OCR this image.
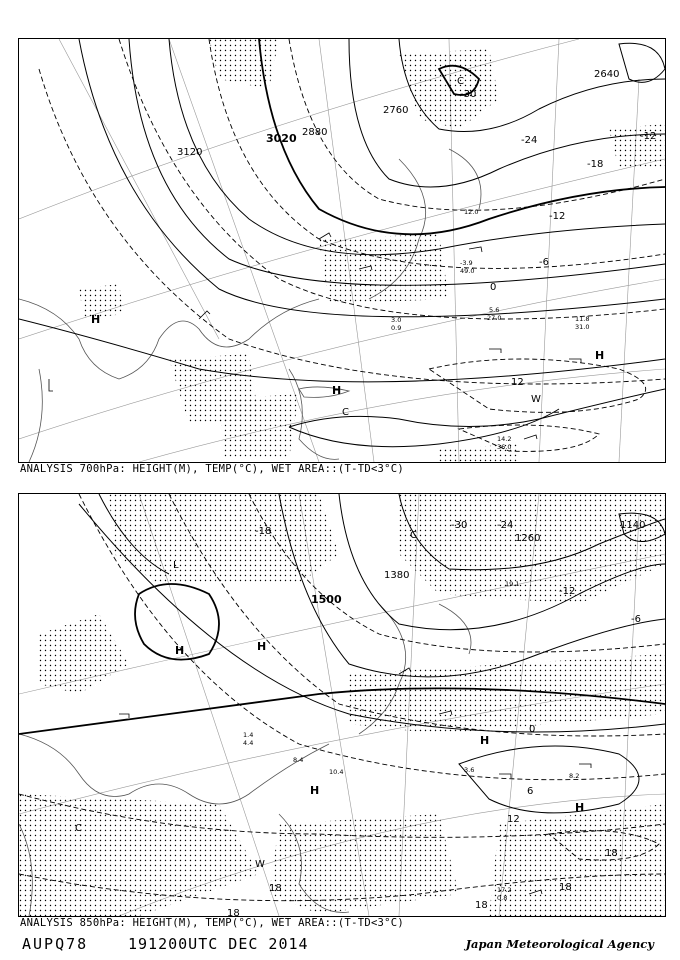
3120
3020 2880
2760
2640
-30
-24
-18
-12
-6
0
12
-12
H
H
H
W
C
C
12.0
27.0
5.6
11.8
31.0
14.2
36.0
3.0
0.9
-3.9
49.0
ANALYSIS 700hPa: HEIGHT(M), TEMP(°C), WET AREA::(T-TD<3°C)
1500
1380
1260
1140
-30	-24
-18
-12
-6
0
6
12
18
18
18
18
18
H	H
H
H
H
L
C
C
W
19.1
8.2
3.6
17.2
0.8
10.4
8.4
1.4
4.4
ANALYSIS 850hPa: HEIGHT(M), TEMP(°C), WET AREA::(T-TD<3°C)
AUPQ78	191200UTC DEC 2014	Japan Meteorological Agency
